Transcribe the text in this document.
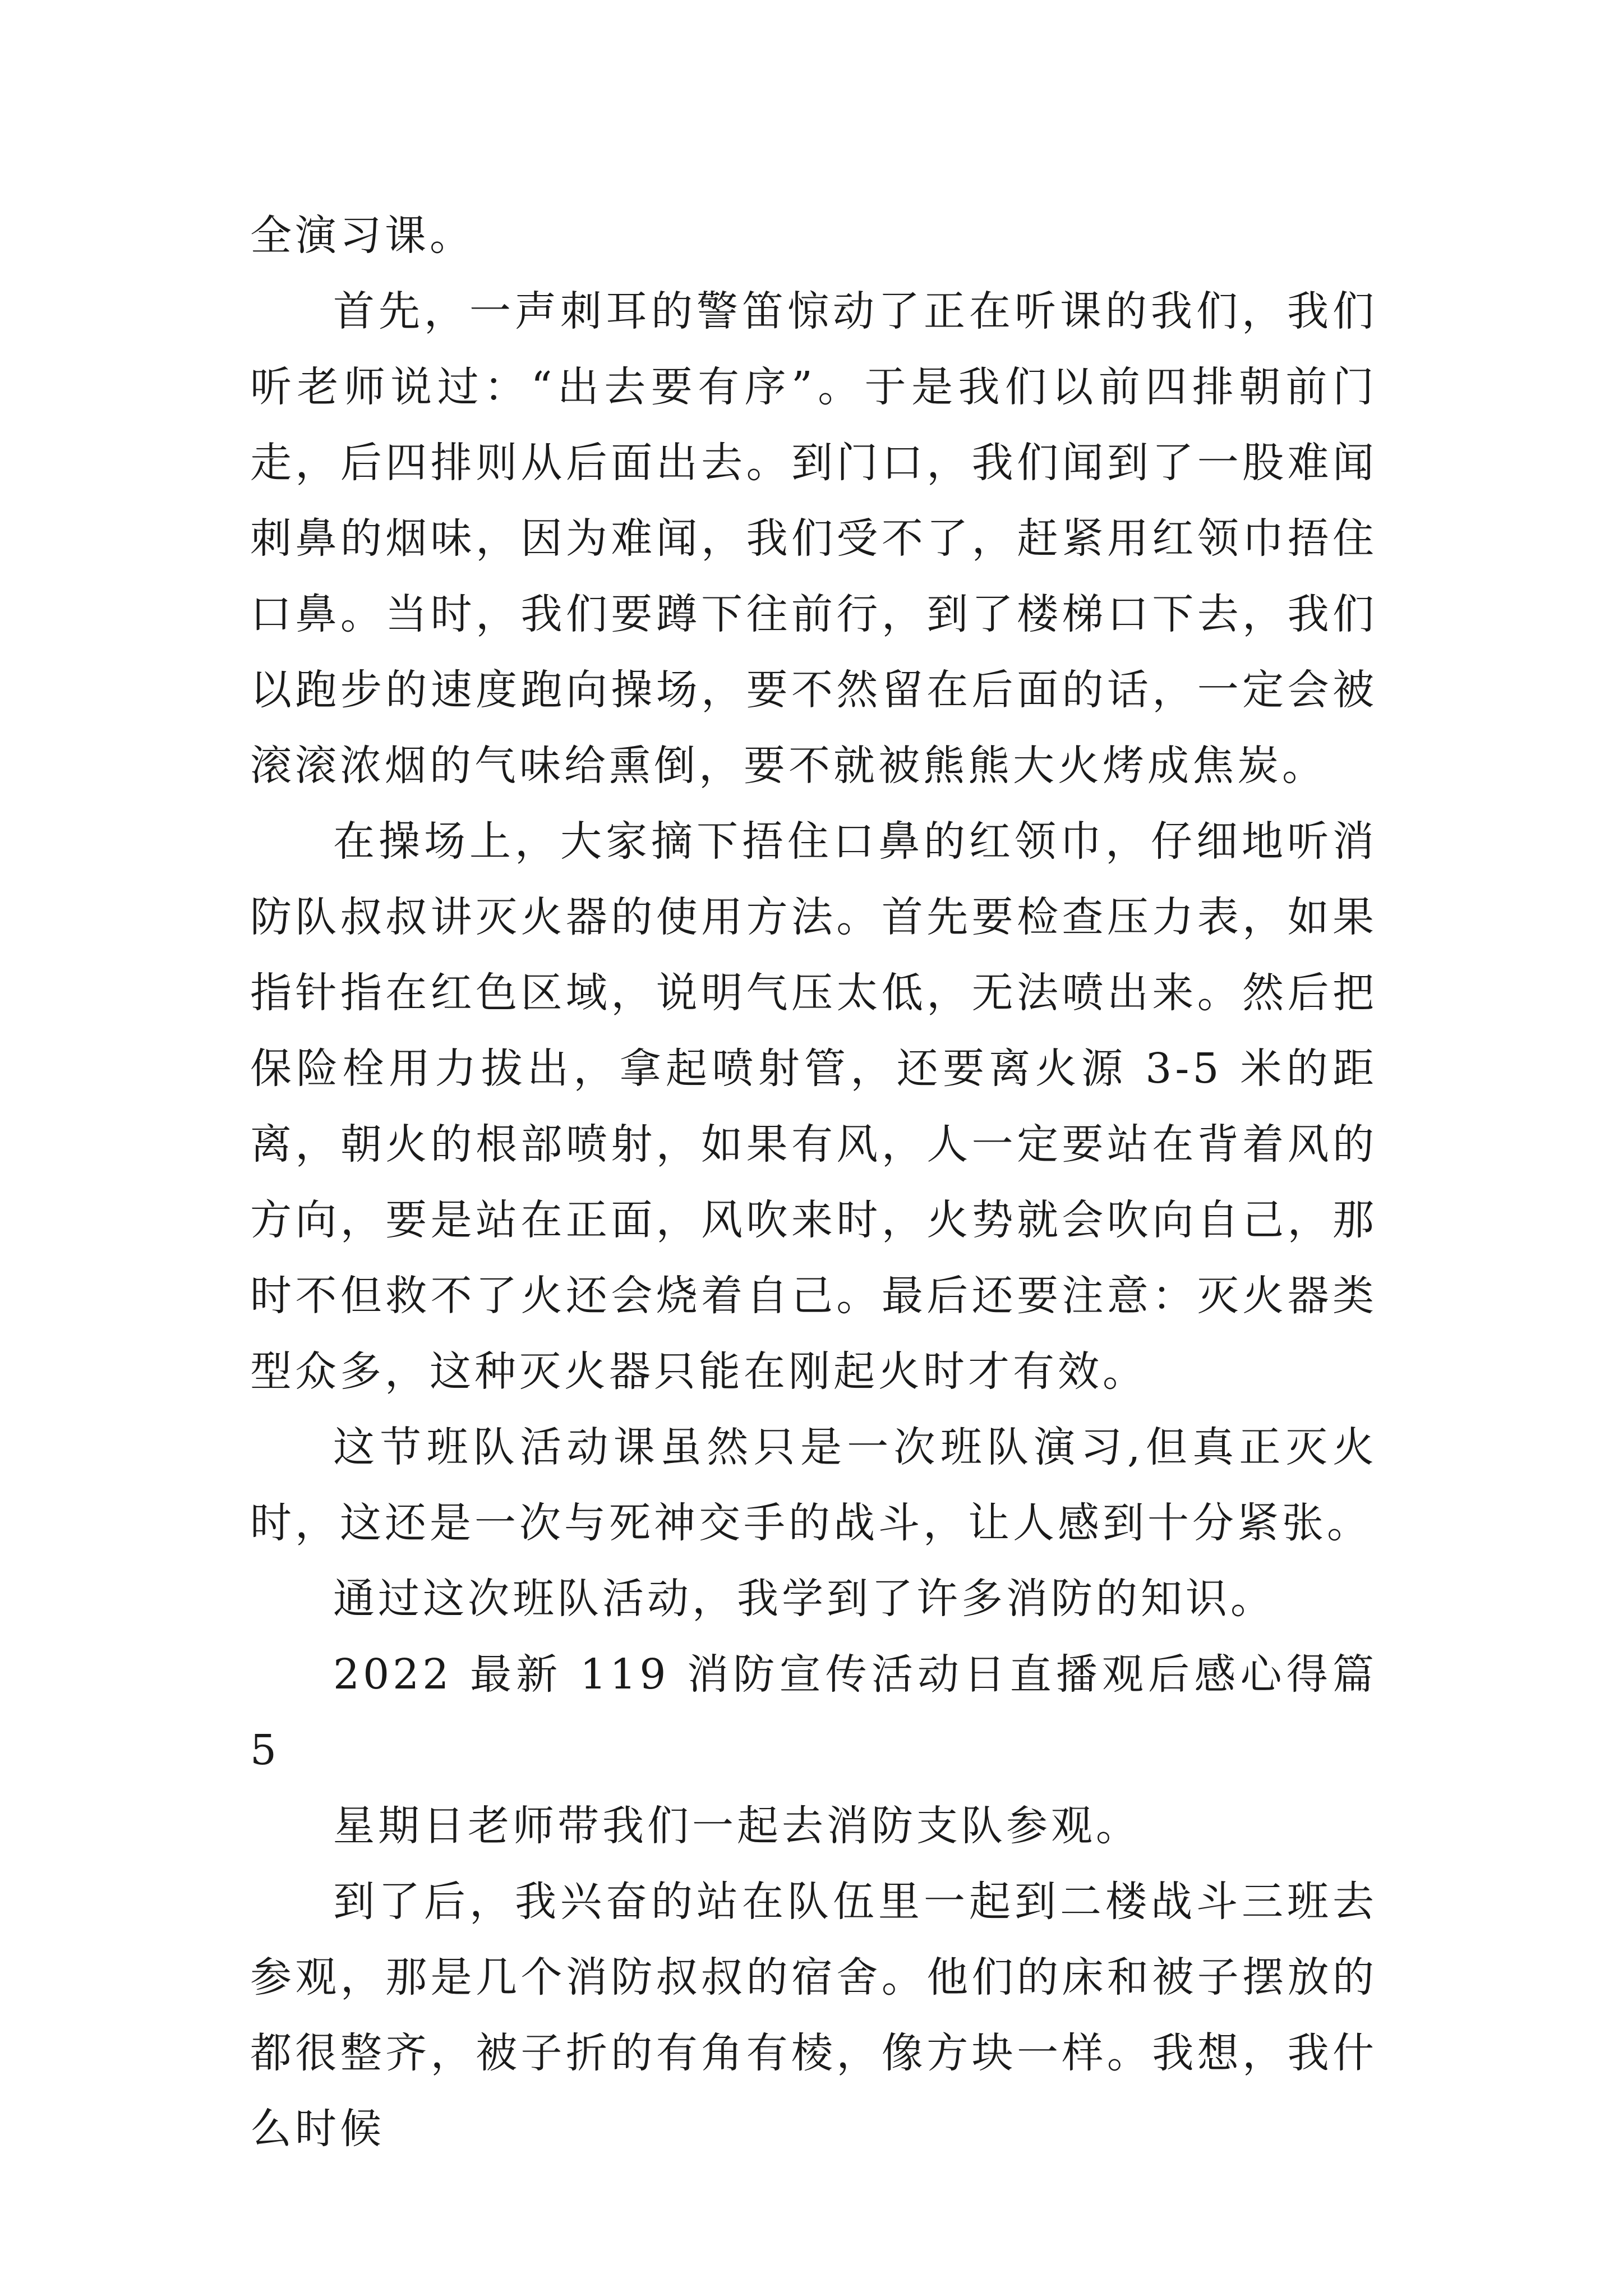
全演习课。

首先，一声刺耳的警笛惊动了正在听课的我们，我们听老师说过：“出去要有序”。于是我们以前四排朝前门走，后四排则从后面出去。到门口，我们闻到了一股难闻刺鼻的烟味，因为难闻，我们受不了，赶紧用红领巾捂住口鼻。当时，我们要蹲下往前行，到了楼梯口下去，我们以跑步的速度跑向操场，要不然留在后面的话，一定会被滚滚浓烟的气味给熏倒，要不就被熊熊大火烤成焦炭。

在操场上，大家摘下捂住口鼻的红领巾，仔细地听消防队叔叔讲灭火器的使用方法。首先要检查压力表，如果指针指在红色区域，说明气压太低，无法喷出来。然后把保险栓用力拔出，拿起喷射管，还要离火源 3-5 米的距离，朝火的根部喷射，如果有风，人一定要站在背着风的方向，要是站在正面，风吹来时，火势就会吹向自己，那时不但救不了火还会烧着自己。最后还要注意：灭火器类型众多，这种灭火器只能在刚起火时才有效。

这节班队活动课虽然只是一次班队演习,但真正灭火时，这还是一次与死神交手的战斗，让人感到十分紧张。

通过这次班队活动，我学到了许多消防的知识。

2022 最新 119 消防宣传活动日直播观后感心得篇 5

星期日老师带我们一起去消防支队参观。

到了后，我兴奋的站在队伍里一起到二楼战斗三班去参观，那是几个消防叔叔的宿舍。他们的床和被子摆放的都很整齐，被子折的有角有棱，像方块一样。我想，我什么时候
